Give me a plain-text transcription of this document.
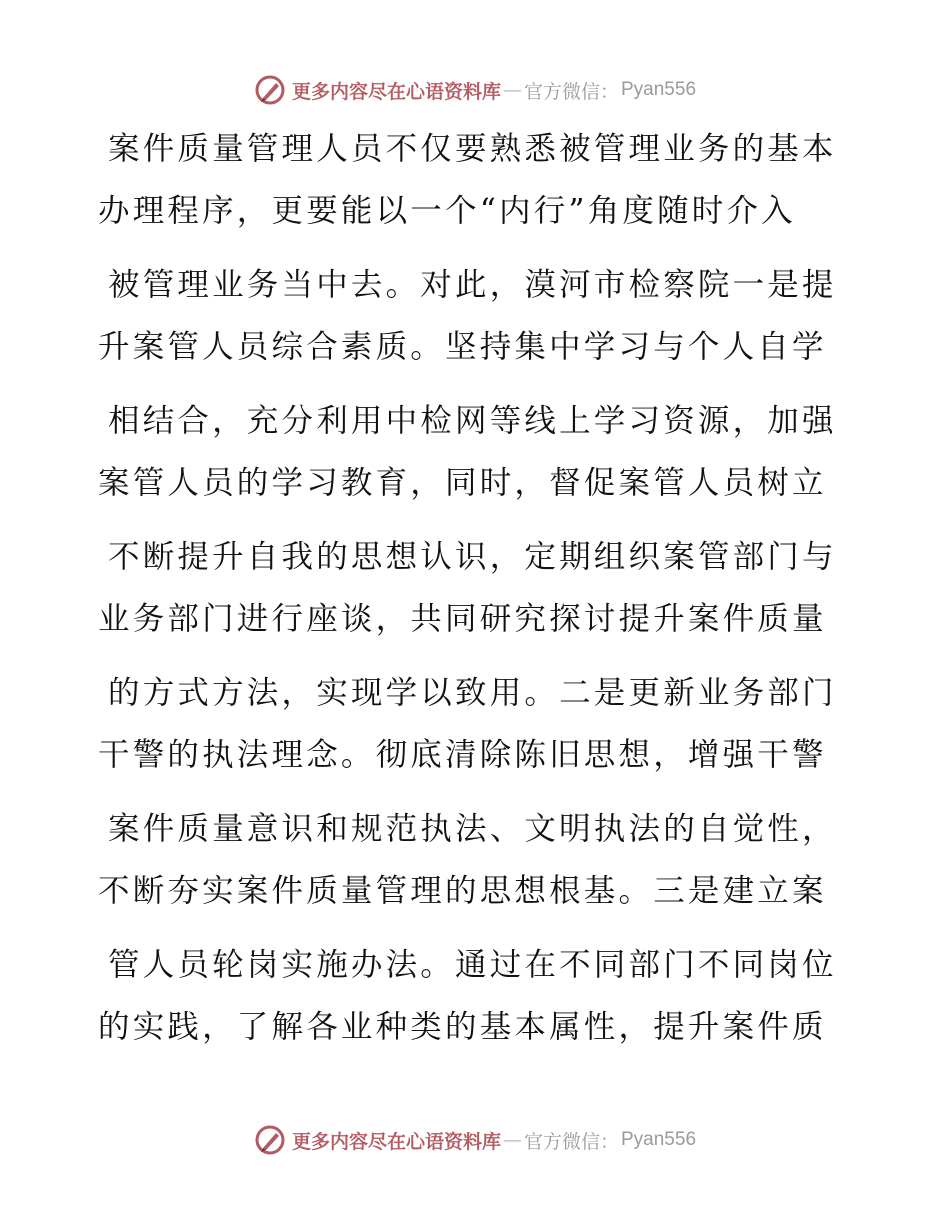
更多内容尽在心语资料库 — 官方微信： Pyan556
案件质量管理人员不仅要熟悉被管理业务的基本
办理程序，更要能以一个“内行”角度随时介入
被管理业务当中去。对此，漠河市检察院一是提
升案管人员综合素质。坚持集中学习与个人自学
相结合，充分利用中检网等线上学习资源，加强
案管人员的学习教育，同时，督促案管人员树立
不断提升自我的思想认识，定期组织案管部门与
业务部门进行座谈，共同研究探讨提升案件质量
的方式方法，实现学以致用。二是更新业务部门
干警的执法理念。彻底清除陈旧思想，增强干警
案件质量意识和规范执法、文明执法的自觉性，
不断夯实案件质量管理的思想根基。三是建立案
管人员轮岗实施办法。通过在不同部门不同岗位
的实践，了解各业种类的基本属性，提升案件质
更多内容尽在心语资料库 — 官方微信： Pyan556
